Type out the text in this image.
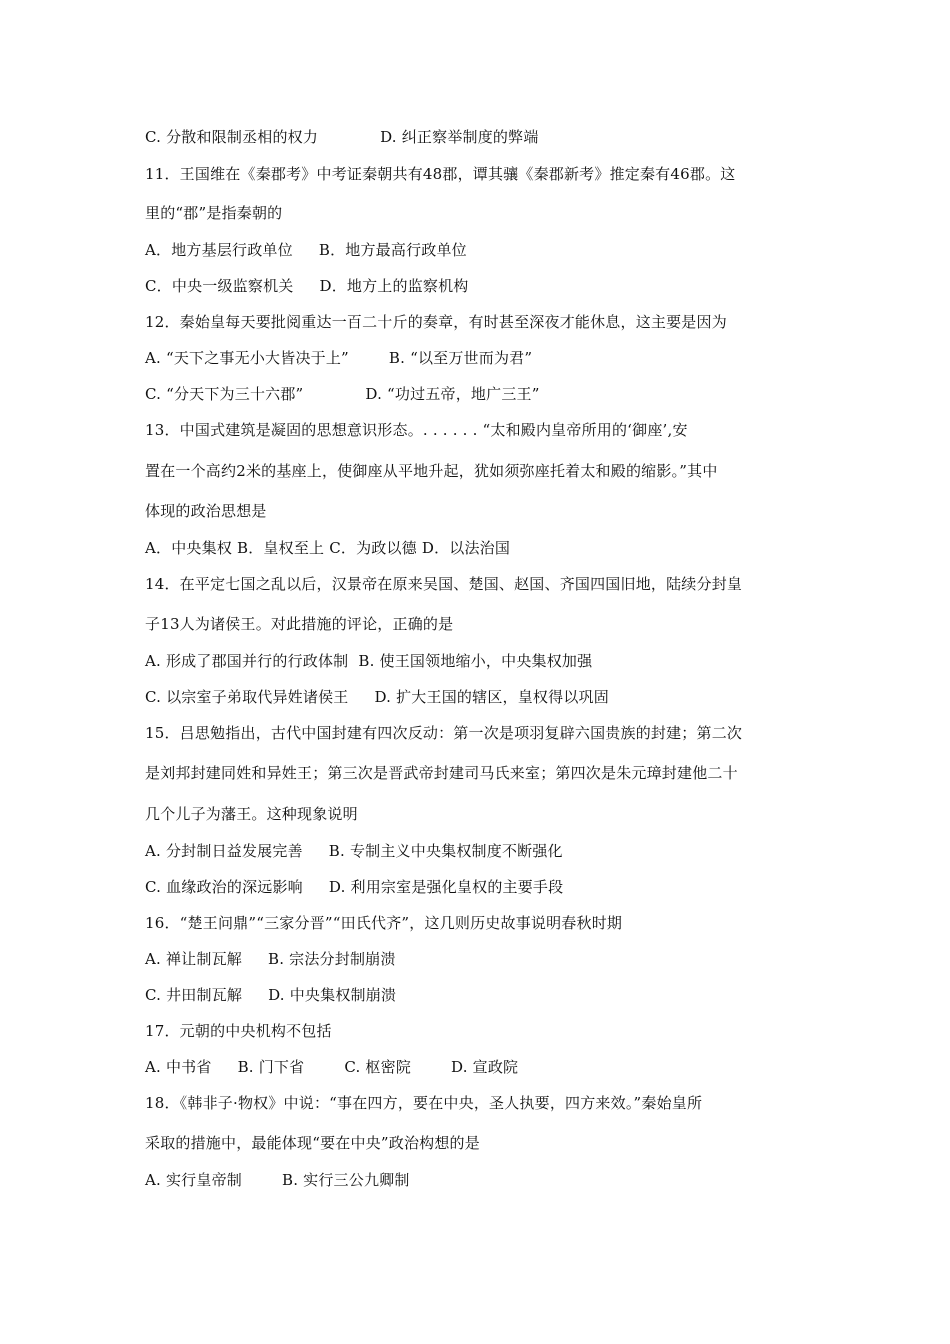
C. 分散和限制丞相的权力	D. 纠正察举制度的弊端
11．王国维在《秦郡考》中考证秦朝共有48郡，谭其骧《秦郡新考》推定秦有46郡。这
里的“郡”是指秦朝的
A．地方基层行政单位 B．地方最高行政单位
C．中央一级监察机关 D．地方上的监察机构
12．秦始皇每天要批阅重达一百二十斤的奏章，有时甚至深夜才能休息，这主要是因为
A. “天下之事无小大皆决于上”	B. “以至万世而为君”
C. “分天下为三十六郡”	D. “功过五帝，地广三王”
13．中国式建筑是凝固的思想意识形态。. . . . . . “太和殿内皇帝所用的‘御座’,安
置在一个高约2米的基座上，使御座从平地升起，犹如须弥座托着太和殿的缩影。”其中
体现的政治思想是
A．中央集权 B．皇权至上 C．为政以德 D．以法治国
14．在平定七国之乱以后，汉景帝在原来吴国、楚国、赵国、齐国四国旧地，陆续分封皇
子13人为诸侯王。对此措施的评论，正确的是
A. 形成了郡国并行的行政体制 B. 使王国领地缩小，中央集权加强
C. 以宗室子弟取代异姓诸侯王 D. 扩大王国的辖区，皇权得以巩固
15．吕思勉指出，古代中国封建有四次反动：第一次是项羽复辟六国贵族的封建；第二次
是刘邦封建同姓和异姓王；第三次是晋武帝封建司马氏来室；第四次是朱元璋封建他二十
几个儿子为藩王。这种现象说明
A. 分封制日益发展完善 B. 专制主义中央集权制度不断强化
C. 血缘政治的深远影响 D. 利用宗室是强化皇权的主要手段
16．“楚王问鼎”“三家分晋”“田氏代齐”，这几则历史故事说明春秋时期
A. 禅让制瓦解 B. 宗法分封制崩溃
C. 井田制瓦解 D. 中央集权制崩溃
17．元朝的中央机构不包括
A. 中书省 B. 门下省	C. 枢密院	D. 宣政院
18．《韩非子·物权》中说：“事在四方，要在中央，圣人执要，四方来效。”秦始皇所
采取的措施中，最能体现“要在中央”政治构想的是
A. 实行皇帝制	B. 实行三公九卿制
